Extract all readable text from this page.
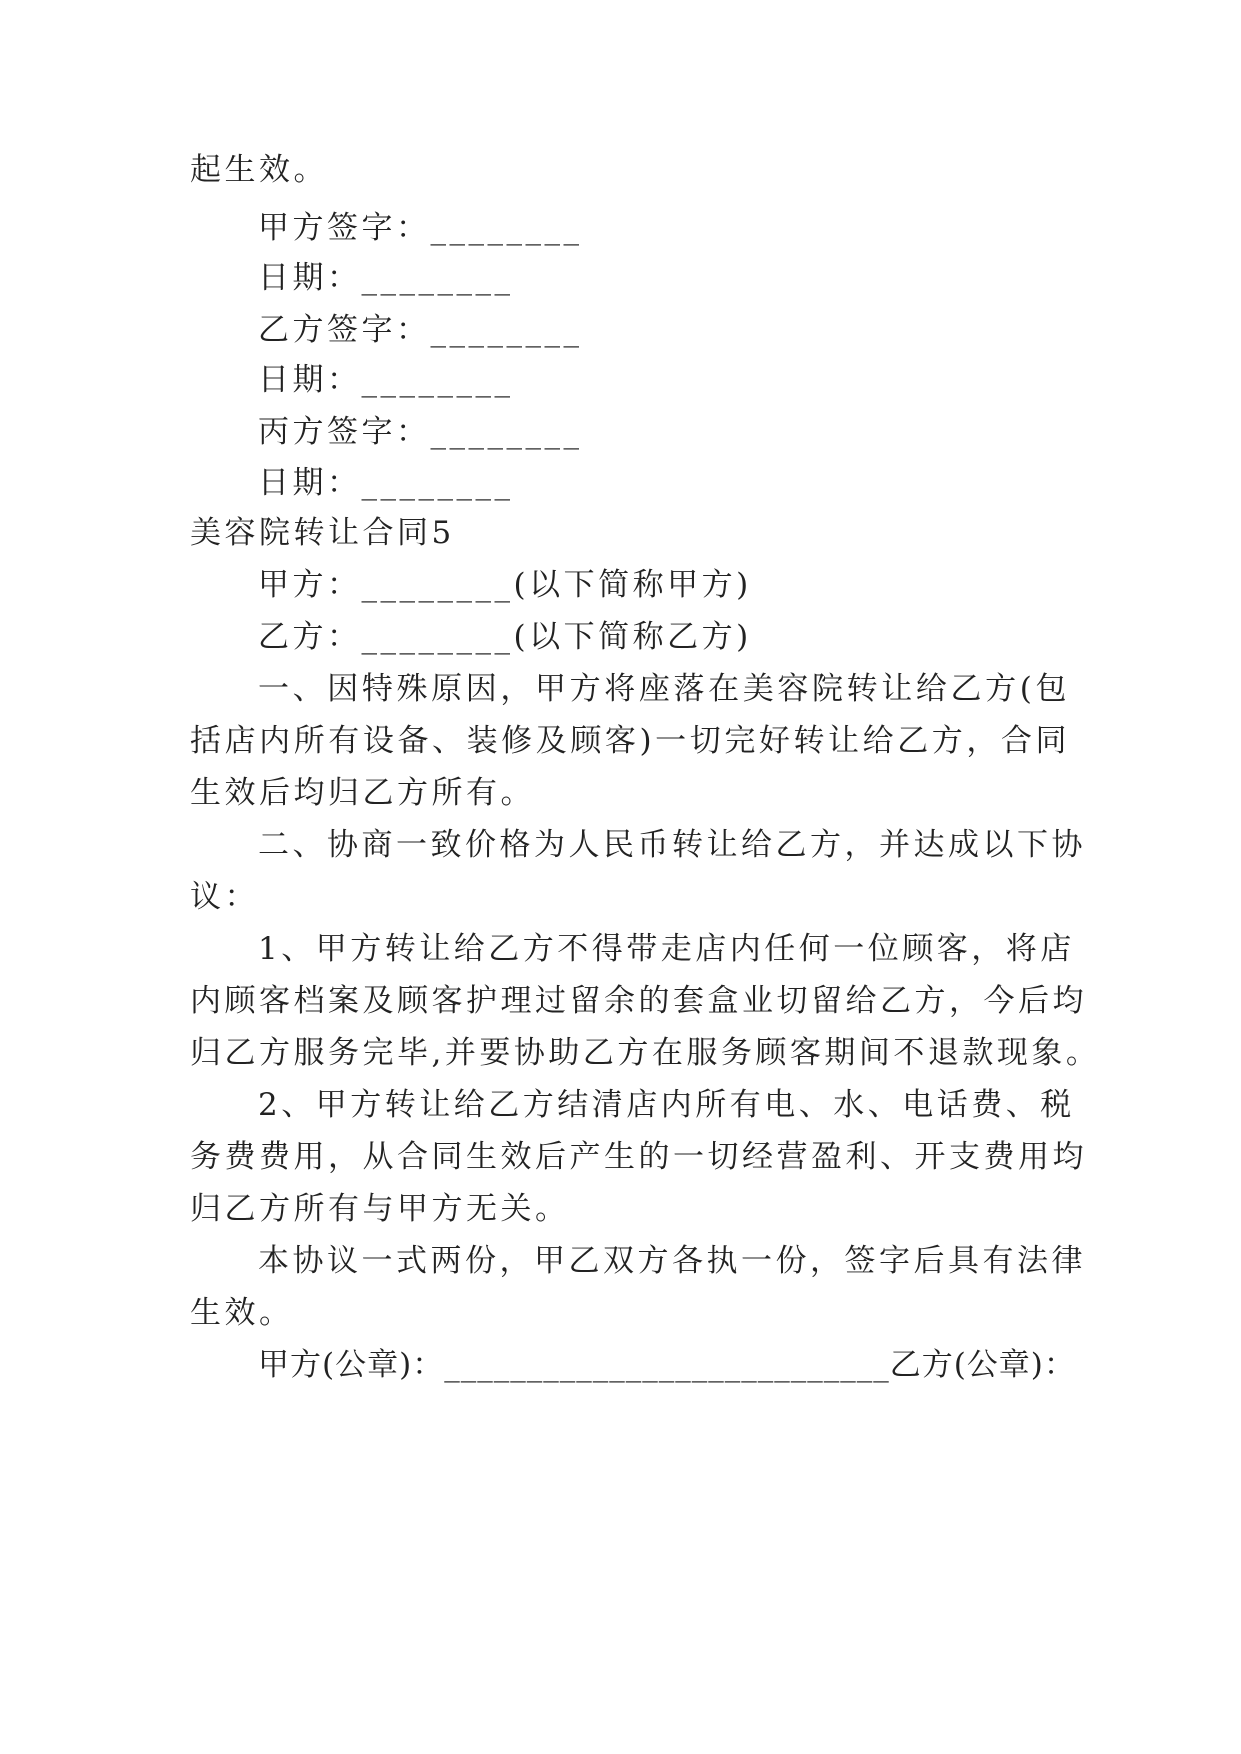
起生效。
甲方签字：________
日期：________
乙方签字：________
日期：________
丙方签字：________
日期：________
美容院转让合同5
甲方：________(以下简称甲方)
乙方：________(以下简称乙方)
一、因特殊原因，甲方将座落在美容院转让给乙方(包
括店内所有设备、装修及顾客)一切完好转让给乙方，合同
生效后均归乙方所有。
二、协商一致价格为人民币转让给乙方，并达成以下协
议：
1、甲方转让给乙方不得带走店内任何一位顾客，将店
内顾客档案及顾客护理过留余的套盒业切留给乙方，今后均
归乙方服务完毕,并要协助乙方在服务顾客期间不退款现象。
2、甲方转让给乙方结清店内所有电、水、电话费、税
务费费用，从合同生效后产生的一切经营盈利、开支费用均
归乙方所有与甲方无关。
本协议一式两份，甲乙双方各执一份，签字后具有法律
生效。
甲方(公章)：___________________________乙方(公章)：
